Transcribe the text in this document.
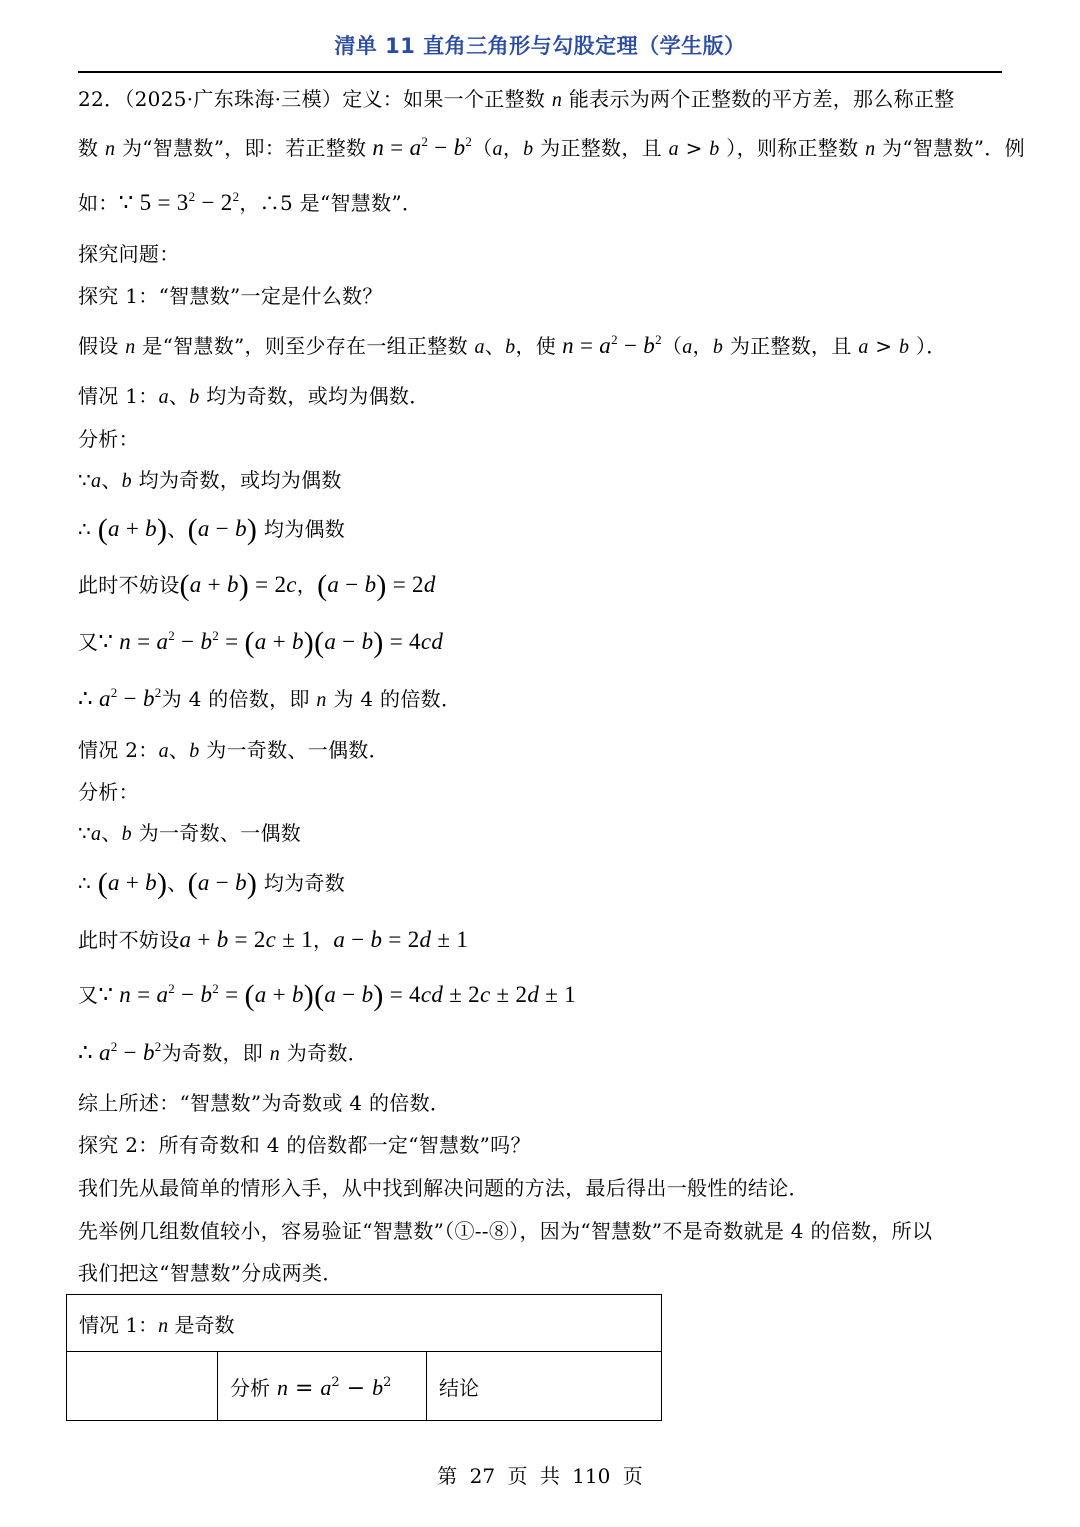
清单 11 直角三角形与勾股定理（学生版）
22．（2025·广东珠海·三模）定义：如果一个正整数 n 能表示为两个正整数的平方差，那么称正整
数 n 为“智慧数”，即：若正整数 $n = a^2 - b^2(a$，b 为正整数，且 a > b ），则称正整数 n 为“智慧数”．例
如：∵ $5 = 3^2 - 2^2$，∴5 是“智慧数”．
探究问题：
探究 1：“智慧数”一定是什么数？
假设 n 是“智慧数”，则至少存在一组正整数 a、b，使 $n = a^2 - b^2(a$，b 为正整数，且 a > b ）．
情况 1：a、b 均为奇数，或均为偶数．
分析：
∵a、b 均为奇数，或均为偶数
∴ (a + b)、(a − b) 均为偶数
此时不妨设(a + b) = 2c，(a − b) = 2d
又∵ $n = a^2 - b^2 = (a + b)(a - b) = 4cd$
∴ $a^2 - b^2$为 4 的倍数，即 n 为 4 的倍数．
情况 2：a、b 为一奇数、一偶数．
分析：
∵a、b 为一奇数、一偶数
∴ (a + b)、(a − b) 均为奇数
此时不妨设a + b = 2c ± 1，a − b = 2d ± 1
又∵ $n = a^2 - b^2 = (a + b)(a - b) = 4cd \pm 2c \pm 2d \pm 1$
∴ $a^2 - b^2$为奇数，即 n 为奇数．
综上所述：“智慧数”为奇数或 4 的倍数．
探究 2：所有奇数和 4 的倍数都一定“智慧数”吗？
我们先从最简单的情形入手，从中找到解决问题的方法，最后得出一般性的结论．
先举例几组数值较小，容易验证“智慧数”（①--⑧），因为“智慧数”不是奇数就是 4 的倍数，所以
我们把这“智慧数”分成两类．
情况 1：n 是奇数
	分析 $n = a^2 - b^2$	结论
第 27 页 共 110 页
